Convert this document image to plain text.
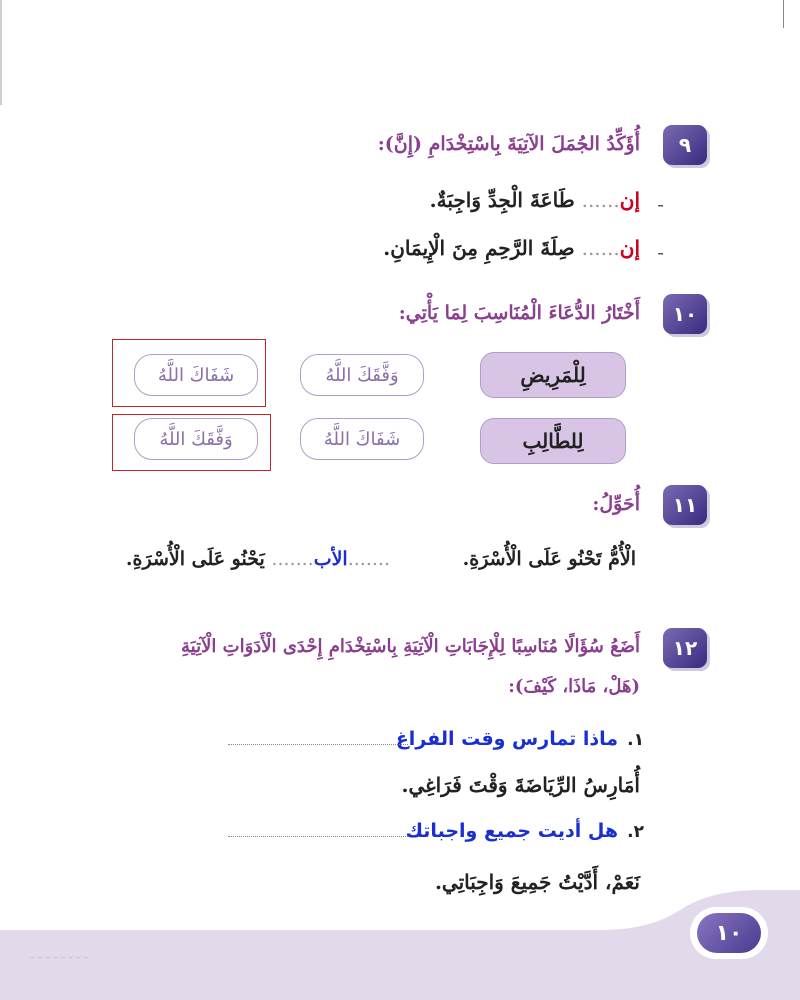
٩
أُؤَكِّدُ الجُمَلَ الآتِيَةَ بِاسْتِخْدَامِ (إِنَّ):
إن...... طَاعَةَ الْجِدِّ وَاجِبَةٌ.	-
إن...... صِلَةَ الرَّحِمِ مِنَ الْإِيمَانِ.	-
١٠
أَخْتَارُ الدُّعَاءَ الْمُنَاسِبَ لِمَا يَأْتِي:
لِلْمَرِيضِ
وَفَّقَكَ اللَّهُ
شَفَاكَ اللَّهُ
لِلطَّالِبِ
شَفَاكَ اللَّهُ
وَفَّقَكَ اللَّهُ
١١
أُحَوِّلُ:
الْأُمُّ تَحْنُو عَلَى الْأُسْرَةِ.
.......الأب....... يَحْنُو عَلَى الْأُسْرَةِ.
١٢
أَضَعُ سُؤَالًا مُنَاسِبًا لِلْإِجَابَاتِ الْآتِيَةِ بِاسْتِخْدَامِ إِحْدَى الْأَدَوَاتِ الْآتِيَةِ
(هَلْ، مَاذَا، كَيْفَ):
١.
ماذا تمارس وقت الفراغ
أُمَارِسُ الرِّيَاضَةَ وَقْتَ فَرَاغِي.
٢.
هل أديت جميع واجباتك
نَعَمْ، أَدَّيْتُ جَمِيعَ وَاجِبَاتِي.
‒ ‒ ‒ ‒ ‒ ‒ ‒ ‒
١٠
